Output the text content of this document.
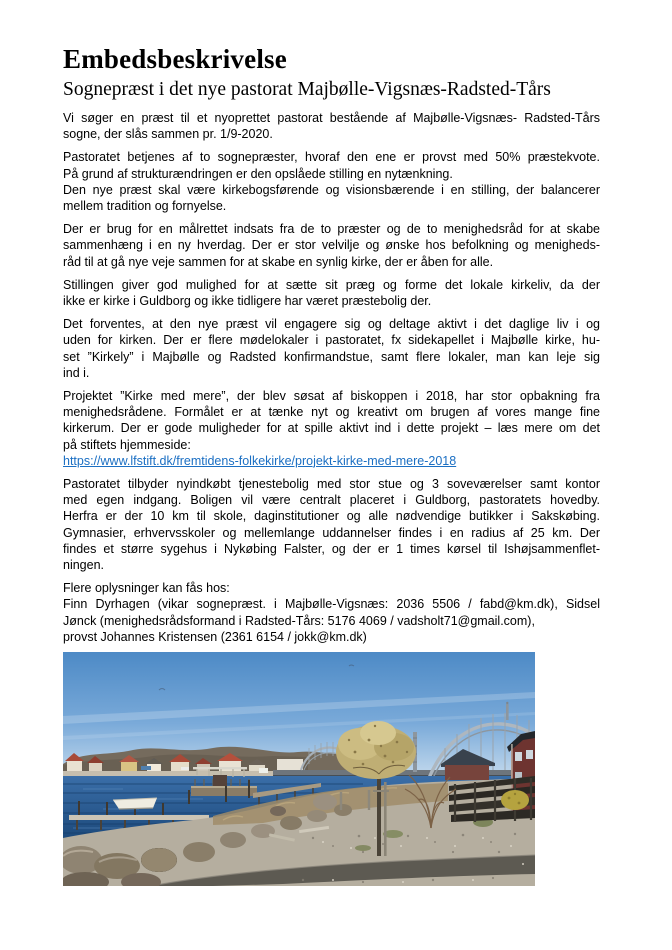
Embedsbeskrivelse
Sognepræst i det nye pastorat Majbølle-Vigsnæs-Radsted-Tårs

Vi søger en præst til et nyoprettet pastorat bestående af Majbølle-Vigsnæs- Radsted-Tårs
sogne, der slås sammen pr. 1/9-2020.

Pastoratet betjenes af to sognepræster, hvoraf den ene er provst med 50% præstekvote.
På grund af strukturændringen er den opslåede stilling en nytænkning.
Den nye præst skal være kirkebogsførende og visionsbærende i en stilling, der balancerer
mellem tradition og fornyelse.

Der er brug for en målrettet indsats fra de to præster og de to menighedsråd for at skabe
sammenhæng i en ny hverdag. Der er stor velvilje og ønske hos befolkning og menigheds-
råd til at gå nye veje sammen for at skabe en synlig kirke, der er åben for alle.

Stillingen giver god mulighed for at sætte sit præg og forme det lokale kirkeliv, da der
ikke er kirke i Guldborg og ikke tidligere har været præstebolig der.

Det forventes, at den nye præst vil engagere sig og deltage aktivt i det daglige liv i og
uden for kirken. Der er flere mødelokaler i pastoratet, fx sidekapellet i Majbølle kirke, hu-
set ”Kirkely” i Majbølle og Radsted konfirmandstue, samt flere lokaler, man kan leje sig
ind i.

Projektet ”Kirke med mere”, der blev søsat af biskoppen i 2018, har stor opbakning fra
menighedsrådene. Formålet er at tænke nyt og kreativt om brugen af vores mange fine
kirkerum. Der er gode muligheder for at spille aktivt ind i dette projekt – læs mere om det
på stiftets hjemmeside:
https://www.lfstift.dk/fremtidens-folkekirke/projekt-kirke-med-mere-2018

Pastoratet tilbyder nyindkøbt tjenestebolig med stor stue og 3 soveværelser samt kontor
med egen indgang. Boligen vil være centralt placeret i Guldborg, pastoratets hovedby.
Herfra er der 10 km til skole, daginstitutioner og alle nødvendige butikker i Sakskøbing.
Gymnasier, erhvervsskoler og mellemlange uddannelser findes i en radius af 25 km. Der
findes et større sygehus i Nykøbing Falster, og der er 1 times kørsel til Ishøjsammenflet-
ningen.

Flere oplysninger kan fås hos:
Finn Dyrhagen (vikar sognepræst. i Majbølle-Vigsnæs: 2036 5506 / fabd@km.dk), Sidsel
Jønck (menighedsrådsformand i Radsted-Tårs: 5176 4069 / vadsholt71@gmail.com),
provst Johannes Kristensen (2361 6154 / jokk@km.dk)
